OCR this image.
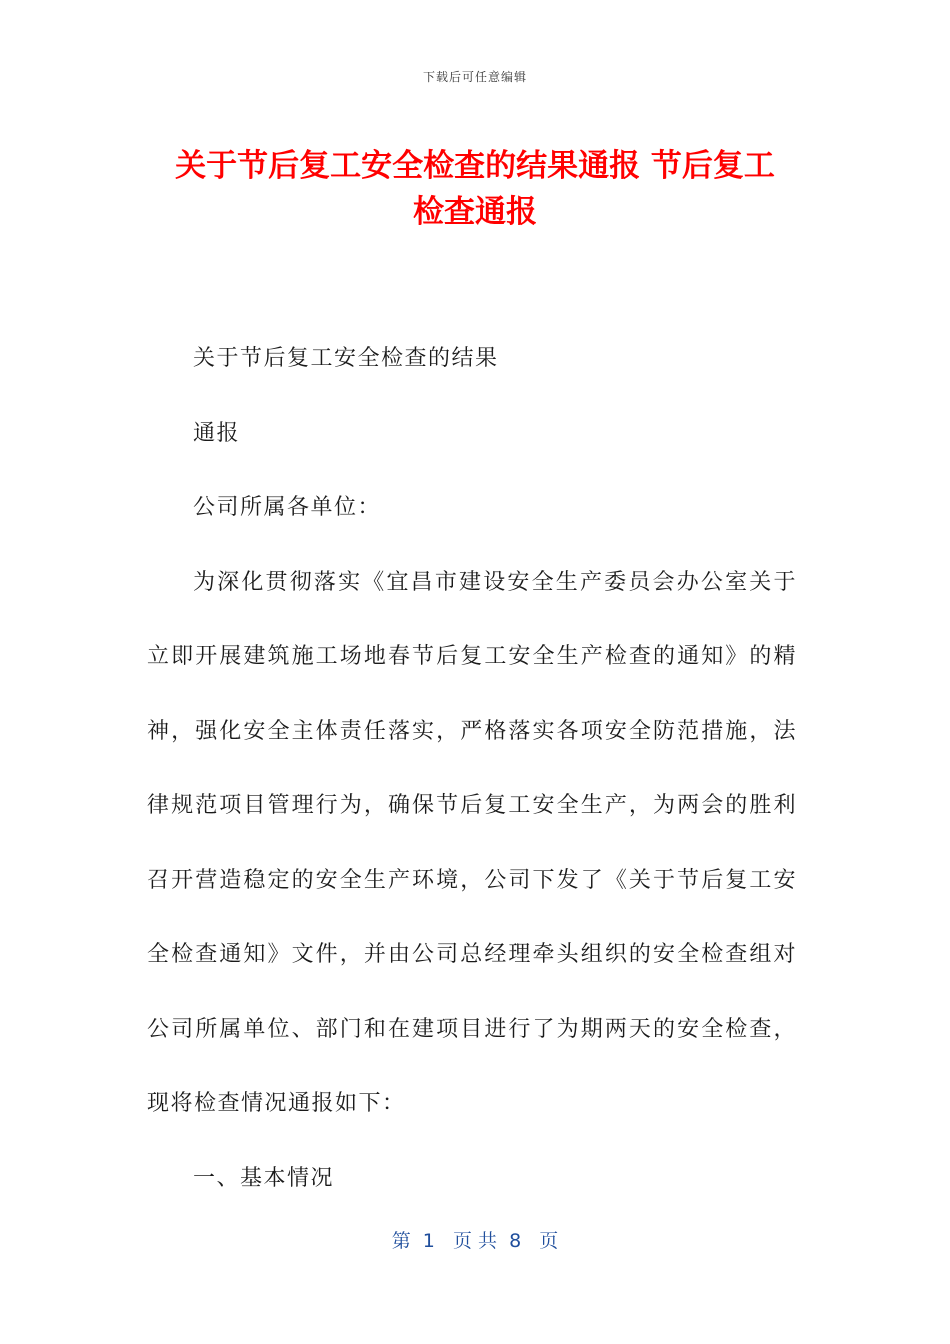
下载后可任意编辑
关于节后复工安全检查的结果通报 节后复工
检查通报

关于节后复工安全检查的结果

通报

公司所属各单位：

为深化贯彻落实《宜昌市建设安全生产委员会办公室关于立即开展建筑施工场地春节后复工安全生产检查的通知》的精神，强化安全主体责任落实，严格落实各项安全防范措施，法律规范项目管理行为，确保节后复工安全生产，为两会的胜利召开营造稳定的安全生产环境，公司下发了《关于节后复工安全检查通知》文件，并由公司总经理牵头组织的安全检查组对公司所属单位、部门和在建项目进行了为期两天的安全检查，现将检查情况通报如下：

一、基本情况

第  1   页 共  8   页
